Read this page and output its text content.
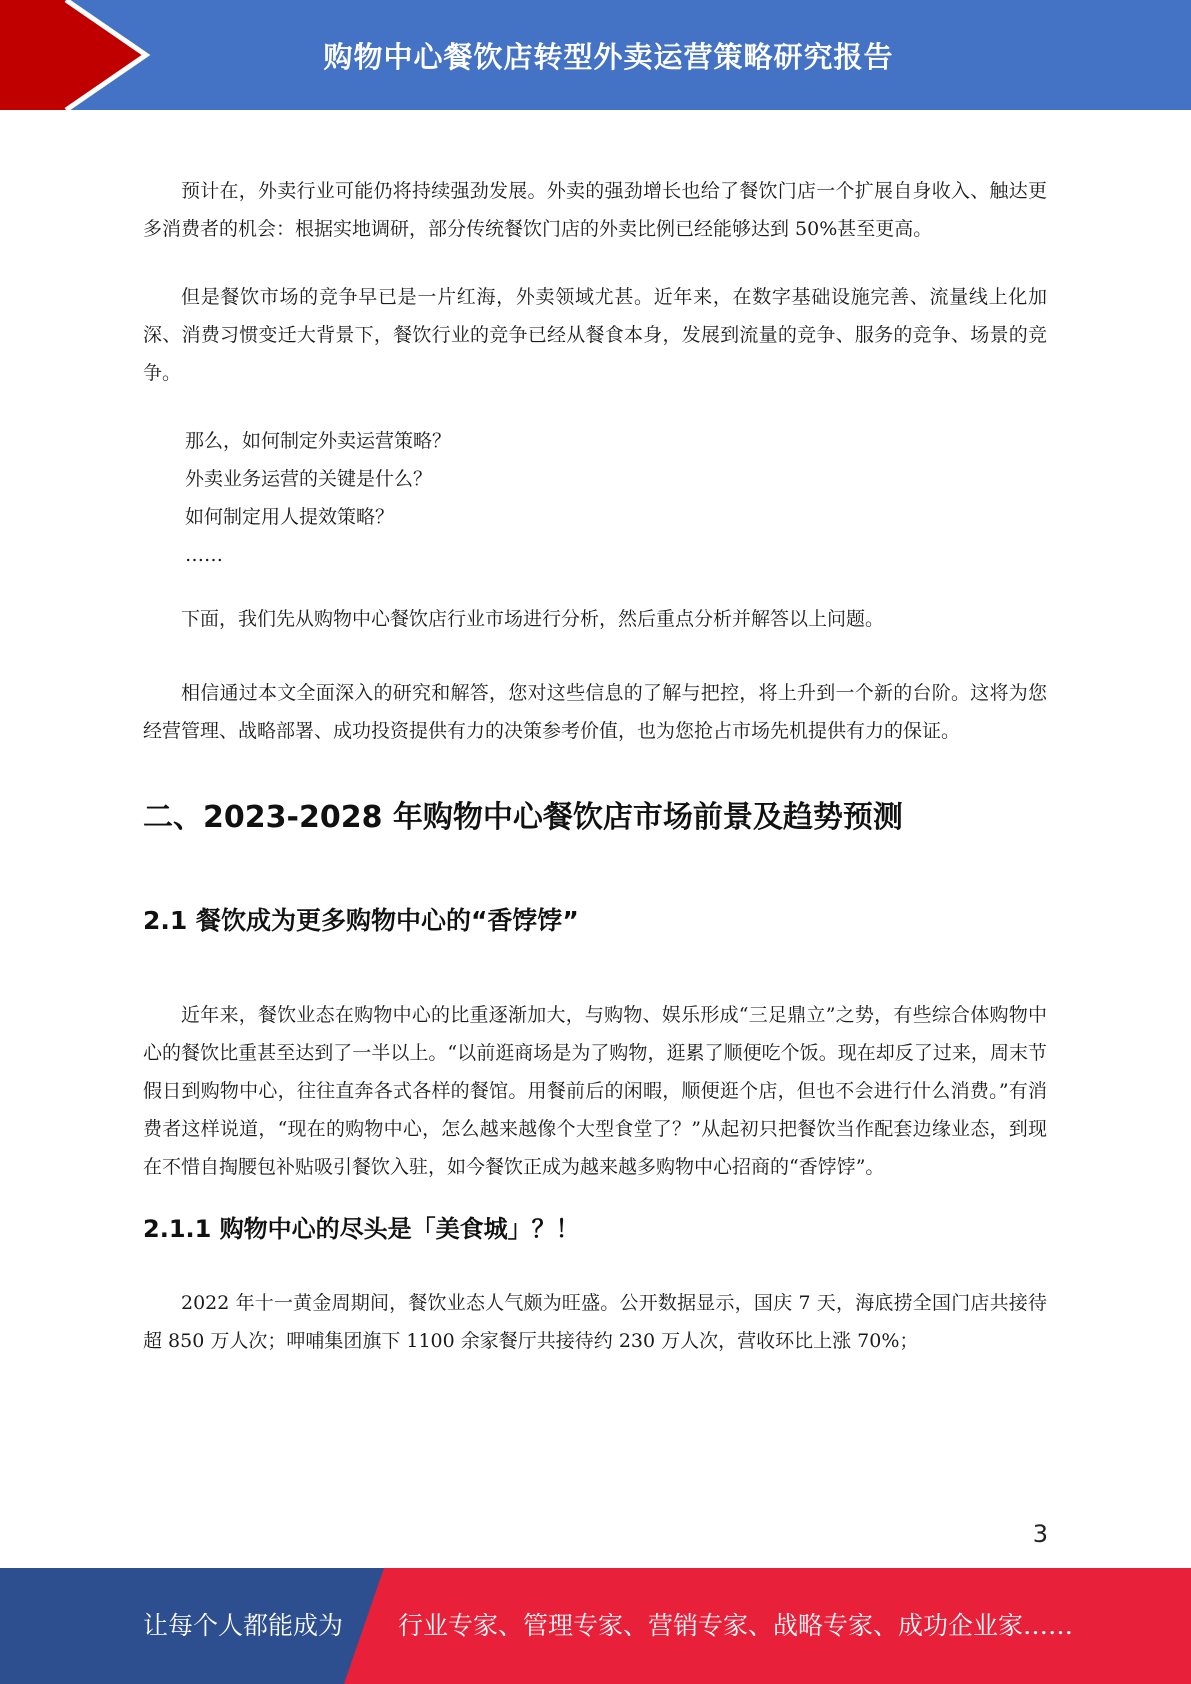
购物中心餐饮店转型外卖运营策略研究报告

预计在，外卖行业可能仍将持续强劲发展。外卖的强劲增长也给了餐饮门店一个扩展自身收入、触达更多消费者的机会：根据实地调研，部分传统餐饮门店的外卖比例已经能够达到 50%甚至更高。

但是餐饮市场的竞争早已是一片红海，外卖领域尤甚。近年来，在数字基础设施完善、流量线上化加深、消费习惯变迁大背景下，餐饮行业的竞争已经从餐食本身，发展到流量的竞争、服务的竞争、场景的竞争。

那么，如何制定外卖运营策略？

外卖业务运营的关键是什么？

如何制定用人提效策略？

……

下面，我们先从购物中心餐饮店行业市场进行分析，然后重点分析并解答以上问题。

相信通过本文全面深入的研究和解答，您对这些信息的了解与把控，将上升到一个新的台阶。这将为您经营管理、战略部署、成功投资提供有力的决策参考价值，也为您抢占市场先机提供有力的保证。

二、2023-2028 年购物中心餐饮店市场前景及趋势预测
2.1 餐饮成为更多购物中心的“香饽饽”

近年来，餐饮业态在购物中心的比重逐渐加大，与购物、娱乐形成“三足鼎立”之势，有些综合体购物中心的餐饮比重甚至达到了一半以上。“以前逛商场是为了购物，逛累了顺便吃个饭。现在却反了过来，周末节假日到购物中心，往往直奔各式各样的餐馆。用餐前后的闲暇，顺便逛个店，但也不会进行什么消费。”有消费者这样说道，“现在的购物中心，怎么越来越像个大型食堂了？”从起初只把餐饮当作配套边缘业态，到现在不惜自掏腰包补贴吸引餐饮入驻，如今餐饮正成为越来越多购物中心招商的“香饽饽”。

2.1.1 购物中心的尽头是「美食城」？！

2022 年十一黄金周期间，餐饮业态人气颇为旺盛。公开数据显示，国庆 7 天，海底捞全国门店共接待超 850 万人次；呷哺集团旗下 1100 余家餐厅共接待约 230 万人次，营收环比上涨 70%；

3
让每个人都能成为 行业专家、管理专家、营销专家、战略专家、成功企业家……
